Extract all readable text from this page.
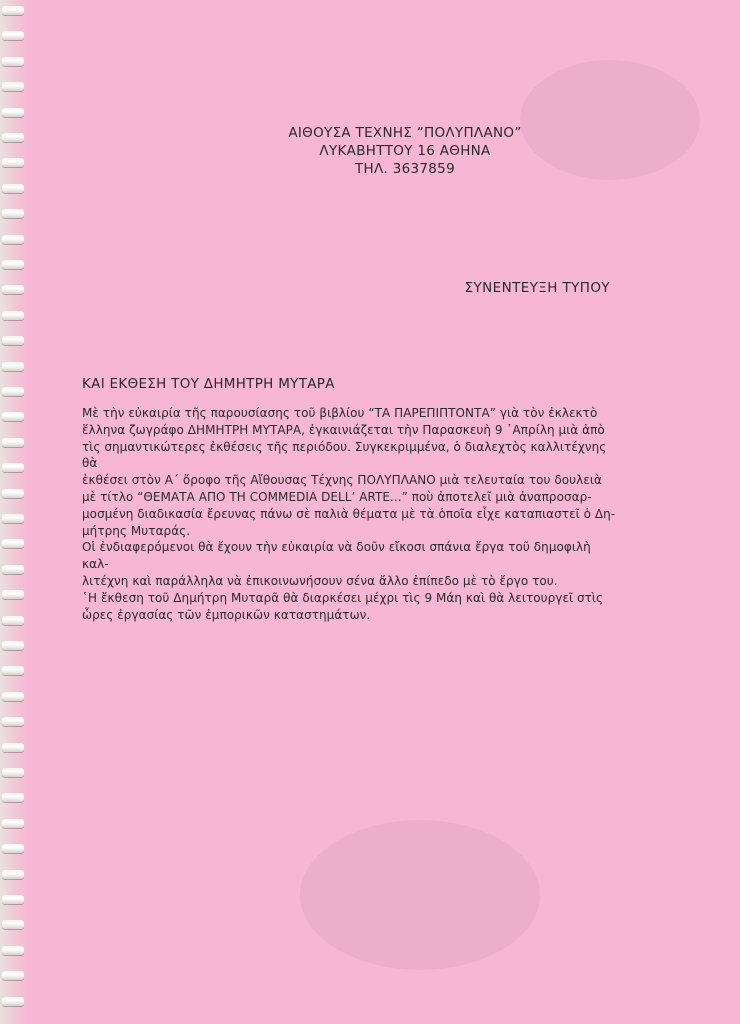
ΑΙΘΟΥΣΑ ΤΕΧΝΗΣ “ΠΟΛΥΠΛΑΝΟ”
ΛΥΚΑΒΗΤΤΟΥ 16 ΑΘΗΝΑ
ΤΗΛ. 3637859
ΣΥΝΕΝΤΕΥΞΗ ΤΥΠΟΥ
ΚΑΙ ΕΚΘΕΣΗ ΤΟΥ ΔΗΜΗΤΡΗ ΜΥΤΑΡΑ

Μὲ τὴν εὐκαιρία τῆς παρουσίασης τοῦ βιβλίου “ΤΑ ΠΑΡΕΠΙΠΤΟΝΤΑ” γιὰ τὸν ἐκλεκτὸ

ἕλληνα ζωγράφο ΔΗΜΗΤΡΗ ΜΥΤΑΡΑ, ἐγκαινιάζεται τὴν Παρασκευὴ 9 ᾿Απρίλη μιὰ ἀπὸ

τὶς σημαντικώτερες ἐκθέσεις τῆς περιόδου. Συγκεκριμμένα, ὁ διαλεχτὸς καλλιτέχνης θὰ

ἐκθέσει στὸν Α΄ ὄροφο τῆς Αἴθουσας Τέχνης ΠΟΛΥΠΛΑΝΟ μιὰ τελευταία του δουλειὰ

μὲ τίτλο “ΘΕΜΑΤΑ ΑΠΟ ΤΗ COMMEDIA DELL’ ARTE...” ποὺ ἀποτελεῖ μιὰ ἀναπροσαρ-

μοσμένη διαδικασία ἔρευνας πάνω σὲ παλιὰ θέματα μὲ τὰ ὁποῖα εἶχε καταπιαστεῖ ὁ Δη-

μήτρης Μυταράς.

Οἱ ἐνδιαφερόμενοι θὰ ἔχουν τὴν εὐκαιρία νὰ δοῦν εἴκοσι σπάνια ἔργα τοῦ δημοφιλὴ καλ-

λιτέχνη καὶ παράλληλα νὰ ἐπικοινωνήσουν σένα ἄλλο ἐπίπεδο μὲ τὸ ἔργο του.

῾Η ἔκθεση τοῦ Δημήτρη Μυταρᾶ θὰ διαρκέσει μέχρι τὶς 9 Μάη καὶ θὰ λειτουργεῖ στὶς

ὧρες ἐργασίας τῶν ἐμπορικῶν καταστημάτων.
